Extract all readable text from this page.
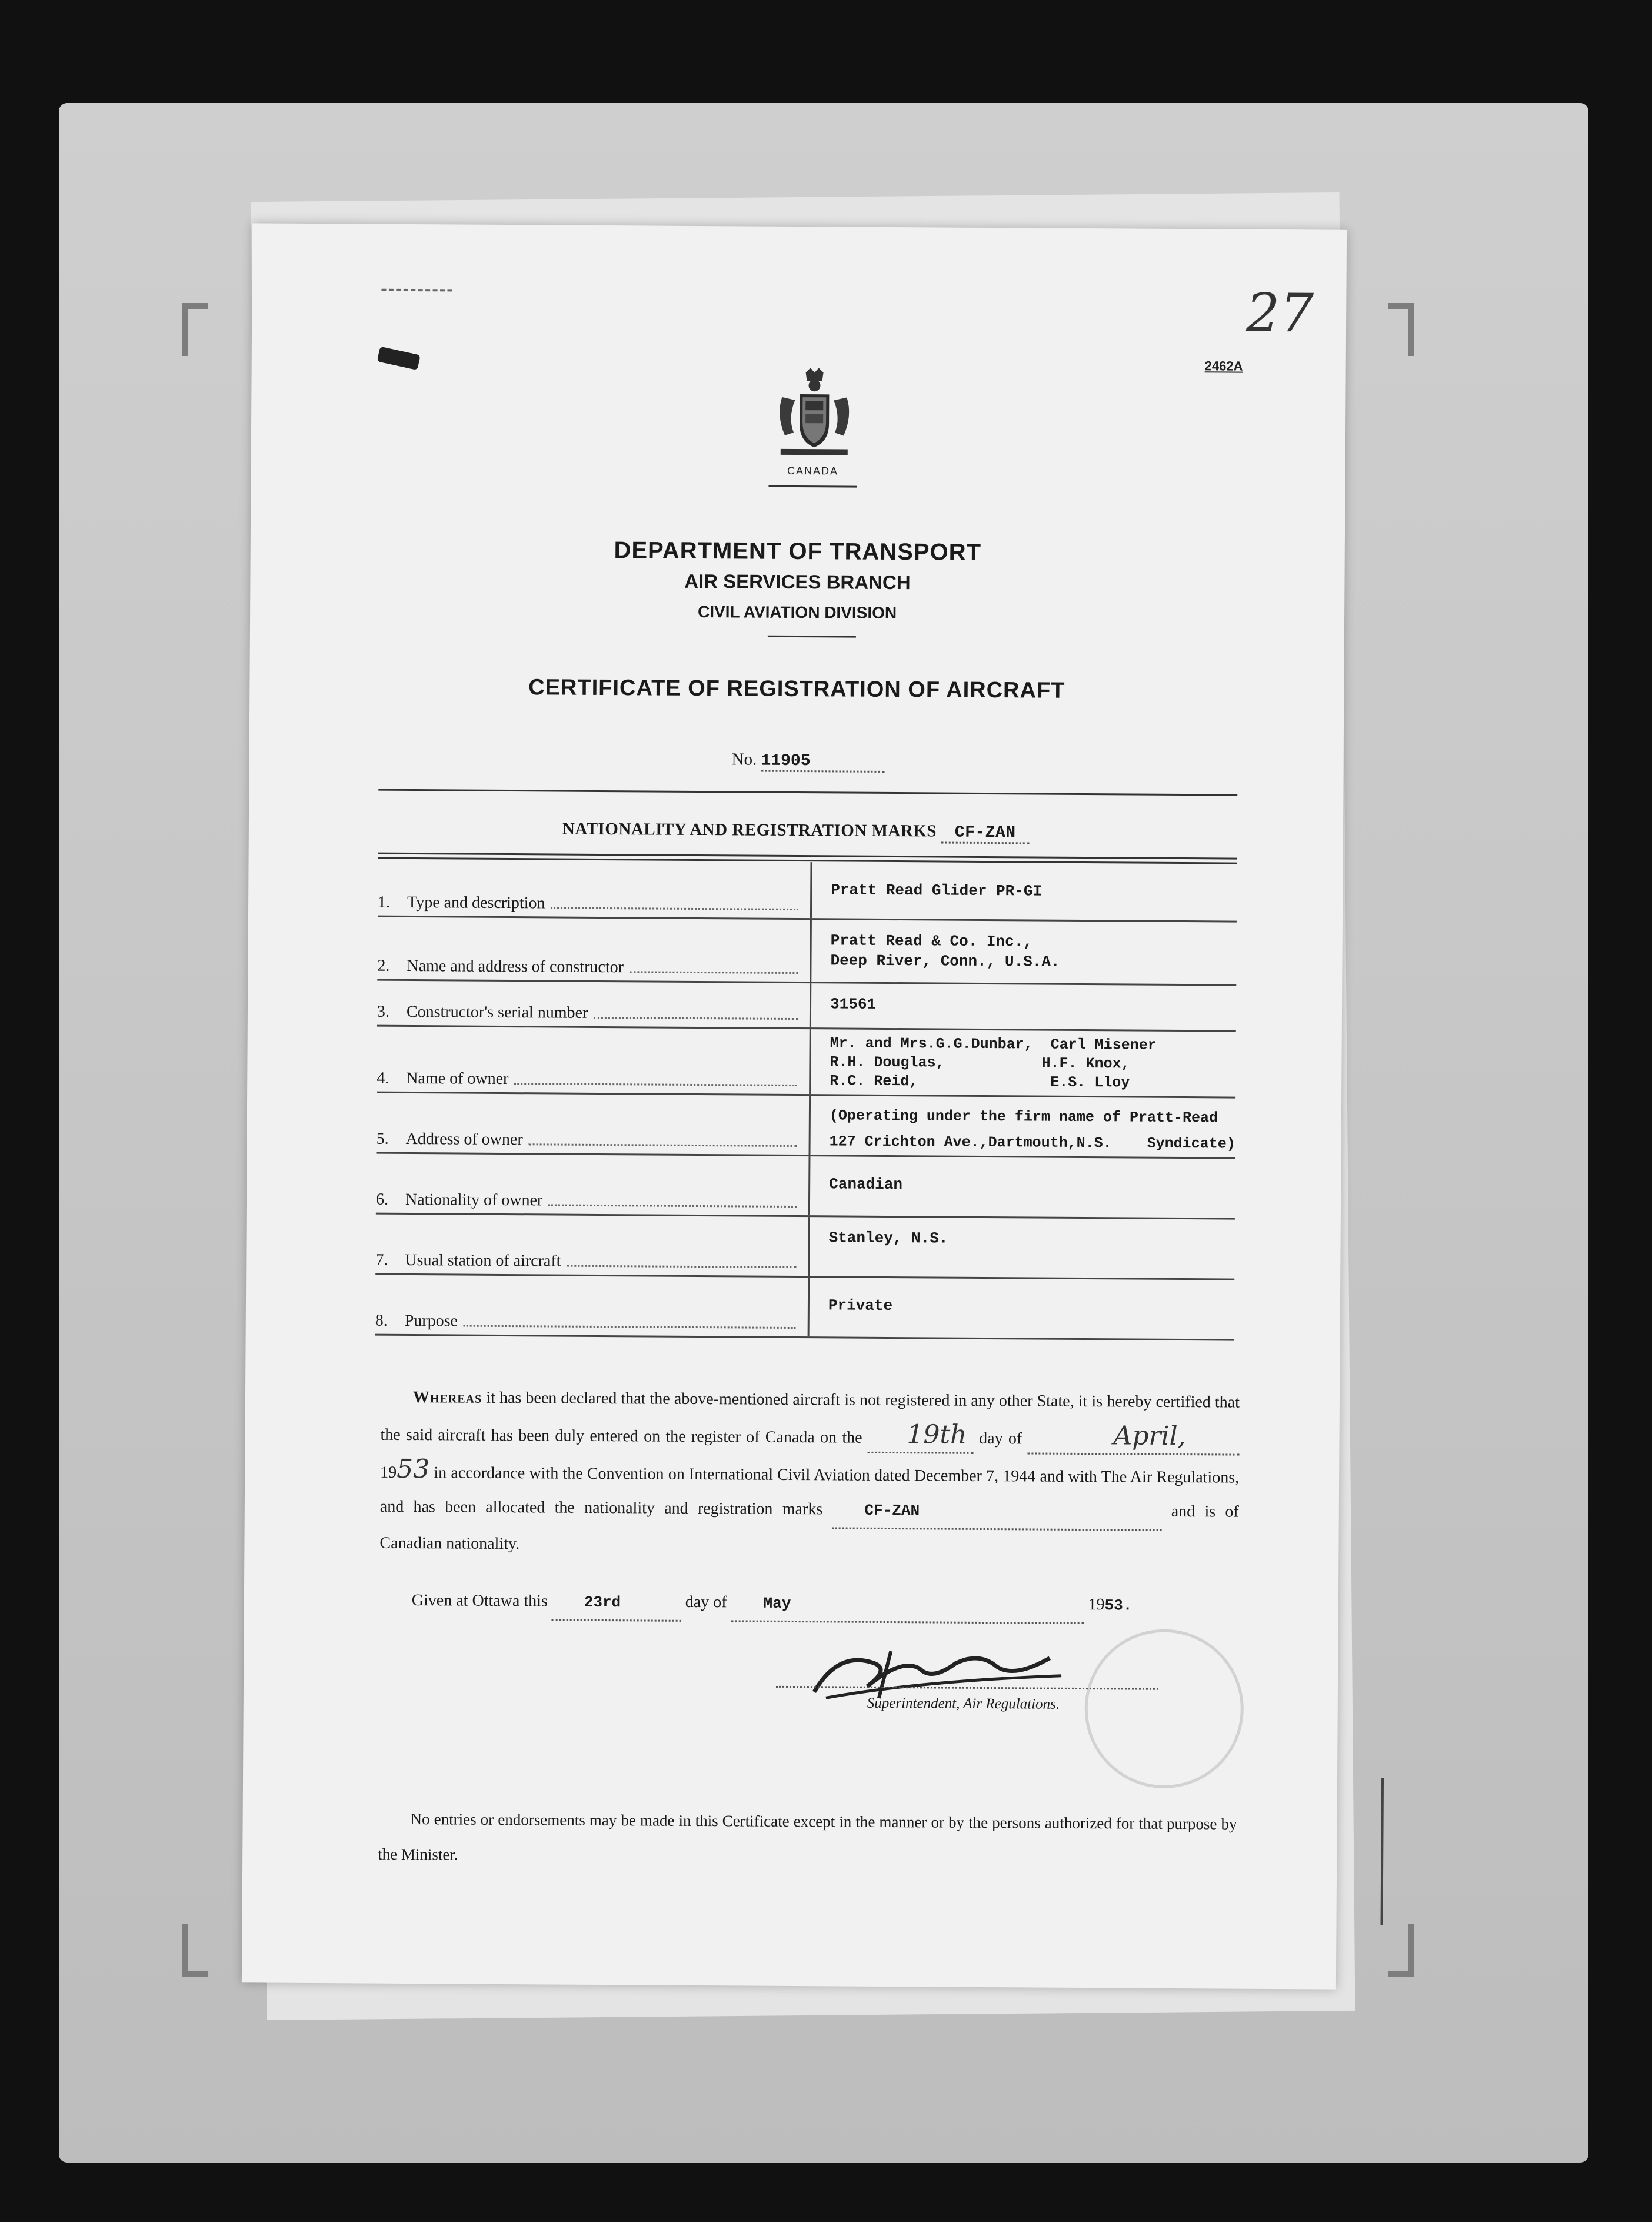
27
2462A
CANADA
DEPARTMENT OF TRANSPORT
AIR SERVICES BRANCH
CIVIL AVIATION DIVISION
CERTIFICATE OF REGISTRATION OF AIRCRAFT
No. 11905
NATIONALITY AND REGISTRATION MARKS CF-ZAN
1.	Type and description
Pratt Read Glider PR-GI
2.	Name and address of constructor
Pratt Read & Co. Inc.,
Deep River, Conn., U.S.A.
3.	Constructor's serial number	31561
4.	Name of owner
Mr. and Mrs.G.G.Dunbar,  Carl Misener
R.H. Douglas,           H.F. Knox,
R.C. Reid,               E.S. Lloy
5.	Address of owner
(Operating under the firm name of Pratt-Read
127 Crichton Ave.,Dartmouth,N.S.    Syndicate)
6.	Nationality of owner
Canadian
7.	Usual station of aircraft
Stanley, N.S.
8.	Purpose
Private
Whereas it has been declared that the above-mentioned aircraft is not registered in any other State, it is hereby certified that the said aircraft has been duly entered on the register of Canada on the 19th day of	April, 1953 in accordance with the Convention on International Civil Aviation dated December 7, 1944 and with The Air Regulations, and has been allocated the nationality and registration marks	CF-ZAN	and is of Canadian nationality.
Given at Ottawa this 23rd	day of May	1953.
Superintendent, Air Regulations.
No entries or endorsements may be made in this Certificate except in the manner or by the persons authorized for that purpose by the Minister.
